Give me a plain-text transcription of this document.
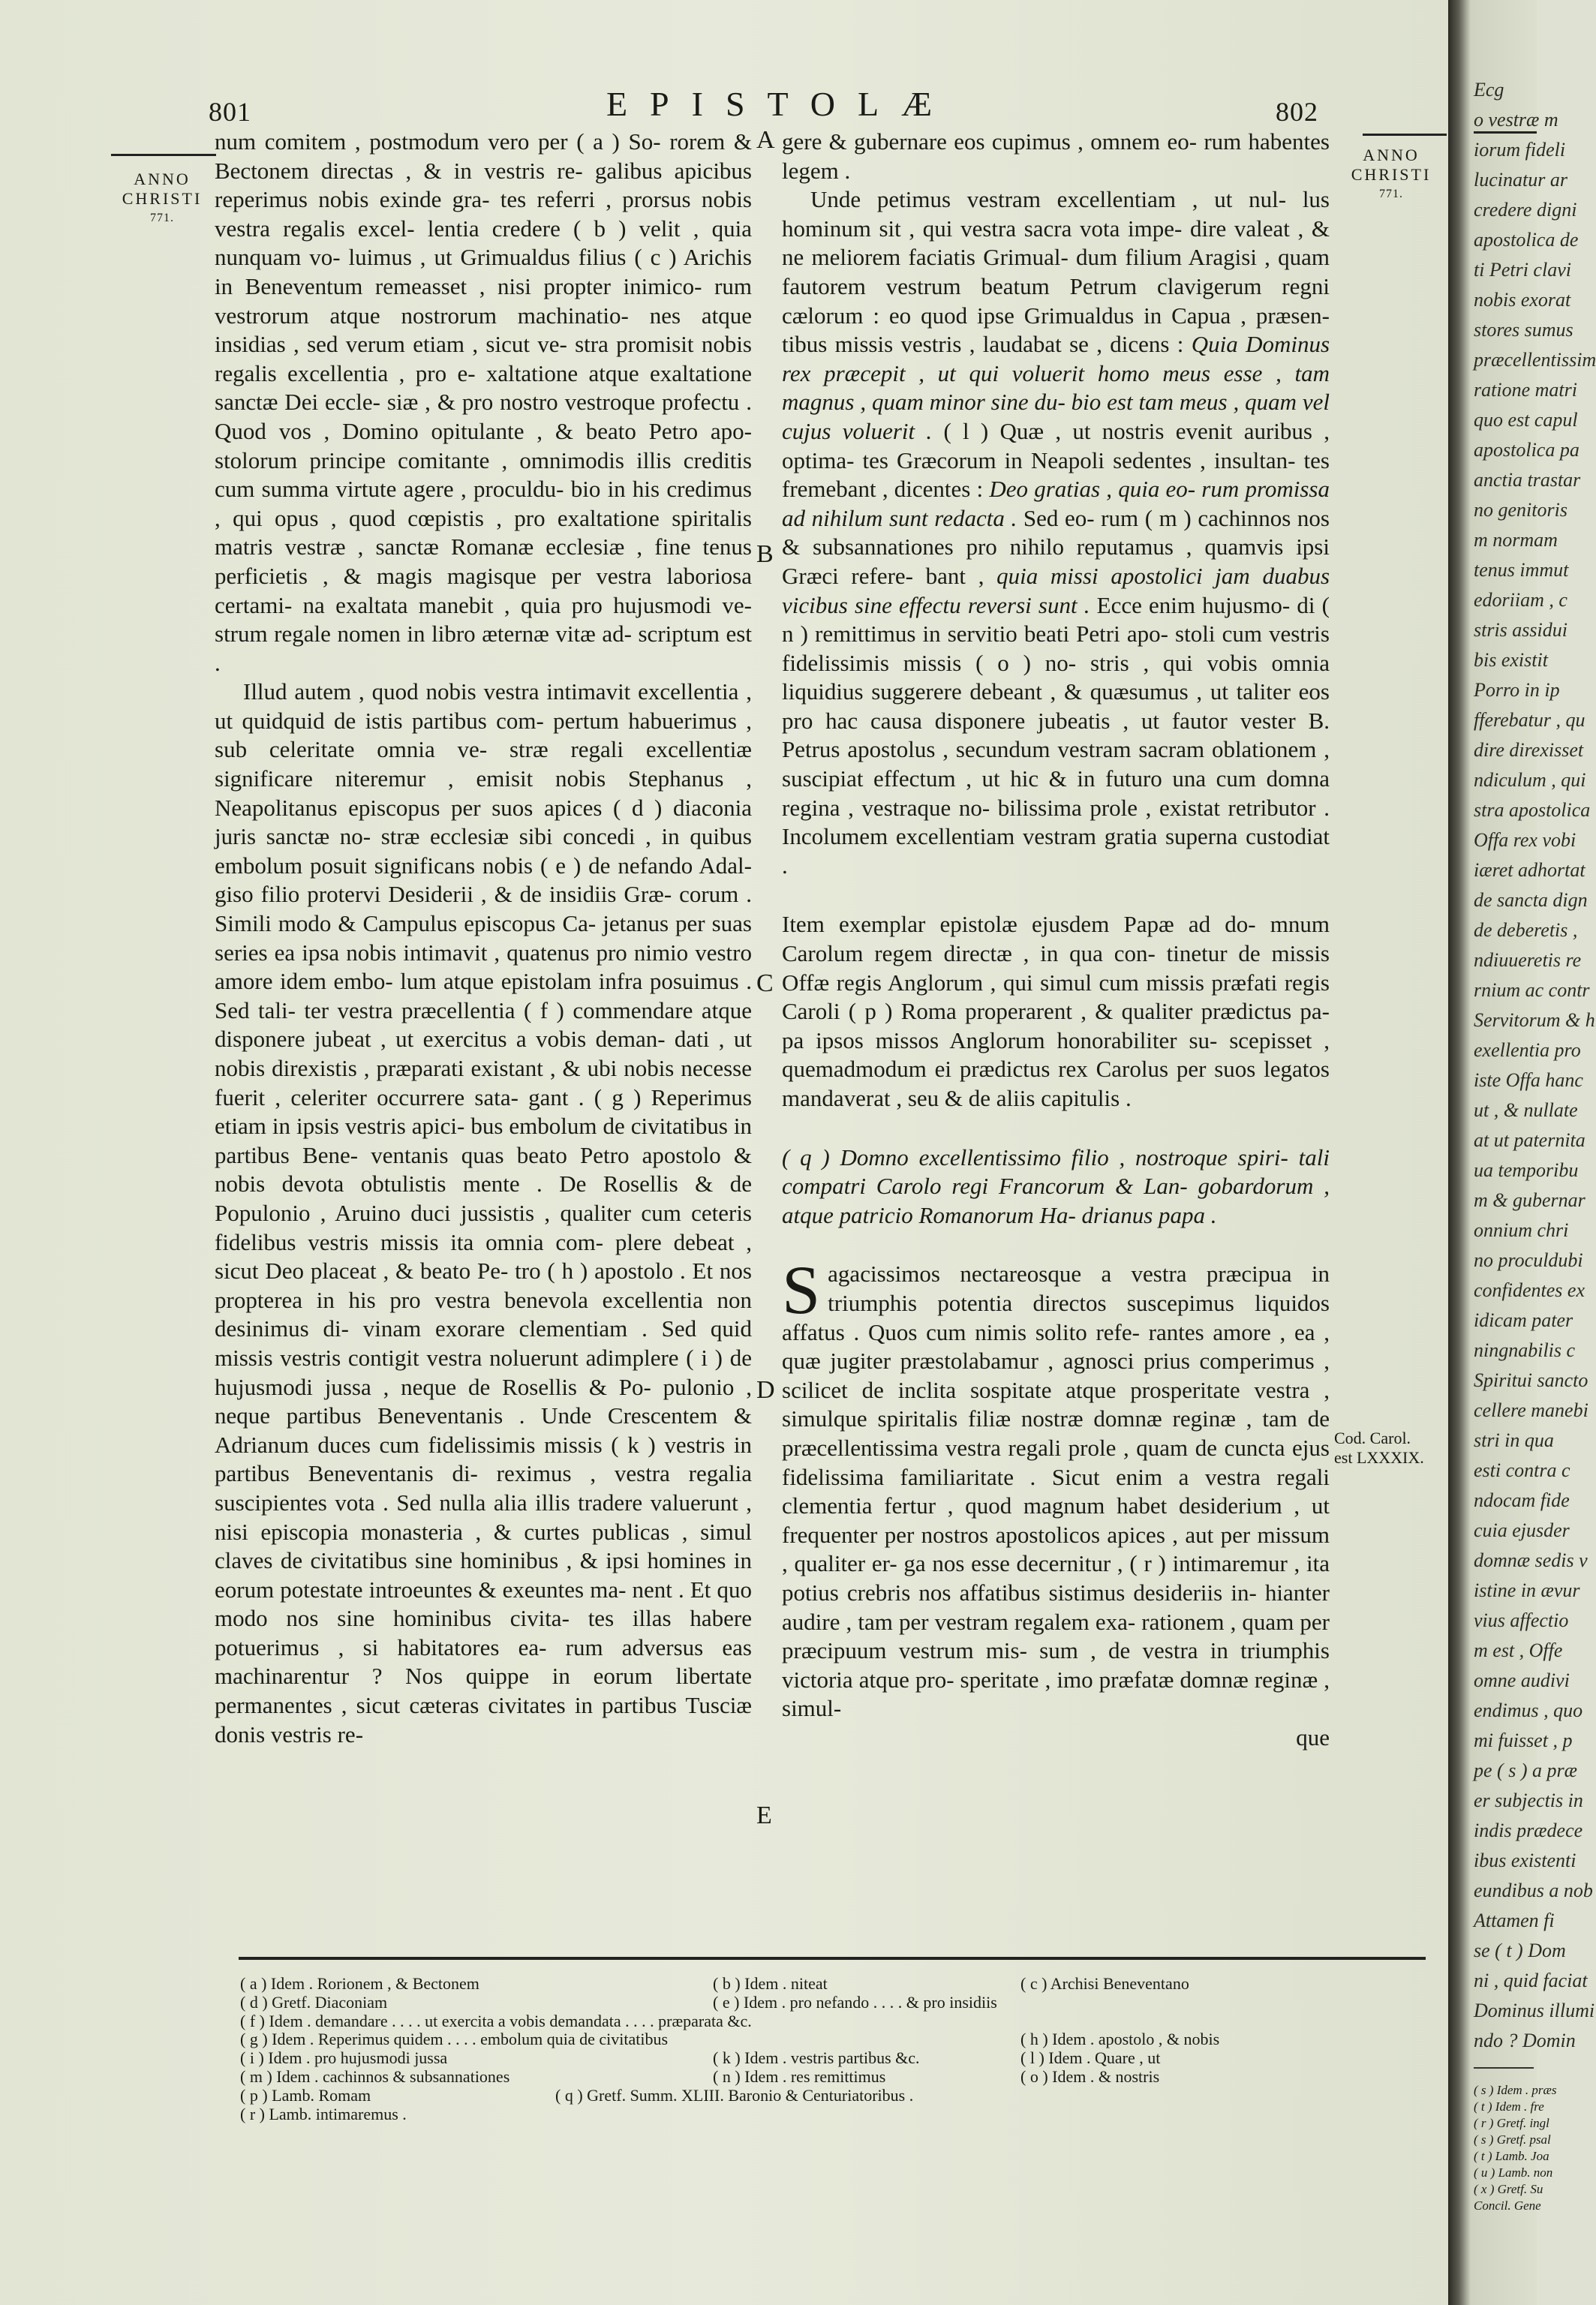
801	EPISTOLÆ	802
ANNO
CHRISTI
771.
ANNO
CHRISTI
771.
A
B
C
D
E

num comitem , postmodum vero per ( a ) So- rorem & Bectonem directas , & in vestris re- galibus apicibus reperimus nobis exinde gra- tes referri , prorsus nobis vestra regalis excel- lentia credere ( b ) velit , quia nunquam vo- luimus , ut Grimualdus filius ( c ) Arichis in Beneventum remeasset , nisi propter inimico- rum vestrorum atque nostrorum machinatio- nes atque insidias , sed verum etiam , sicut ve- stra promisit nobis regalis excellentia , pro e- xaltatione atque exaltatione sanctæ Dei eccle- siæ , & pro nostro vestroque profectu . Quod vos , Domino opitulante , & beato Petro apo- stolorum principe comitante , omnimodis illis creditis cum summa virtute agere , proculdu- bio in his credimus , qui opus , quod cœpistis , pro exaltatione spiritalis matris vestræ , sanctæ Romanæ ecclesiæ , fine tenus perficietis , & magis magisque per vestra laboriosa certami- na exaltata manebit , quia pro hujusmodi ve- strum regale nomen in libro æternæ vitæ ad- scriptum est .

Illud autem , quod nobis vestra intimavit excellentia , ut quidquid de istis partibus com- pertum habuerimus , sub celeritate omnia ve- stræ regali excellentiæ significare niteremur , emisit nobis Stephanus , Neapolitanus episcopus per suos apices ( d ) diaconia juris sanctæ no- stræ ecclesiæ sibi concedi , in quibus embolum posuit significans nobis ( e ) de nefando Adal- giso filio protervi Desiderii , & de insidiis Græ- corum . Simili modo & Campulus episcopus Ca- jetanus per suas series ea ipsa nobis intimavit , quatenus pro nimio vestro amore idem embo- lum atque epistolam infra posuimus . Sed tali- ter vestra præcellentia ( f ) commendare atque disponere jubeat , ut exercitus a vobis deman- dati , ut nobis direxistis , præparati existant , & ubi nobis necesse fuerit , celeriter occurrere sata- gant . ( g ) Reperimus etiam in ipsis vestris apici- bus embolum de civitatibus in partibus Bene- ventanis quas beato Petro apostolo & nobis devota obtulistis mente . De Rosellis & de Populonio , Aruino duci jussistis , qualiter cum ceteris fidelibus vestris missis ita omnia com- plere debeat , sicut Deo placeat , & beato Pe- tro ( h ) apostolo . Et nos propterea in his pro vestra benevola excellentia non desinimus di- vinam exorare clementiam . Sed quid missis vestris contigit vestra noluerunt adimplere ( i ) de hujusmodi jussa , neque de Rosellis & Po- pulonio , neque partibus Beneventanis . Unde Crescentem & Adrianum duces cum fidelissimis missis ( k ) vestris in partibus Beneventanis di- reximus , vestra regalia suscipientes vota . Sed nulla alia illis tradere valuerunt , nisi episcopia monasteria , & curtes publicas , simul claves de civitatibus sine hominibus , & ipsi homines in eorum potestate introeuntes & exeuntes ma- nent . Et quo modo nos sine hominibus civita- tes illas habere potuerimus , si habitatores ea- rum adversus eas machinarentur ? Nos quippe in eorum libertate permanentes , sicut cæteras civitates in partibus Tusciæ donis vestris re-

gere & gubernare eos cupimus , omnem eo- rum habentes legem .

Unde petimus vestram excellentiam , ut nul- lus hominum sit , qui vestra sacra vota impe- dire valeat , & ne meliorem faciatis Grimual- dum filium Aragisi , quam fautorem vestrum beatum Petrum clavigerum regni cælorum : eo quod ipse Grimualdus in Capua , præsen- tibus missis vestris , laudabat se , dicens : Quia Dominus rex præcepit , ut qui voluerit homo meus esse , tam magnus , quam minor sine du- bio est tam meus , quam vel cujus voluerit . ( l ) Quæ , ut nostris evenit auribus , optima- tes Græcorum in Neapoli sedentes , insultan- tes fremebant , dicentes : Deo gratias , quia eo- rum promissa ad nihilum sunt redacta . Sed eo- rum ( m ) cachinnos nos & subsannationes pro nihilo reputamus , quamvis ipsi Græci refere- bant , quia missi apostolici jam duabus vicibus sine effectu reversi sunt . Ecce enim hujusmo- di ( n ) remittimus in servitio beati Petri apo- stoli cum vestris fidelissimis missis ( o ) no- stris , qui vobis omnia liquidius suggerere debeant , & quæsumus , ut taliter eos pro hac causa disponere jubeatis , ut fautor vester B. Petrus apostolus , secundum vestram sacram oblationem , suscipiat effectum , ut hic & in futuro una cum domna regina , vestraque no- bilissima prole , existat retributor . Incolumem excellentiam vestram gratia superna custodiat .

Item exemplar epistolæ ejusdem Papæ ad do- mnum Carolum regem directæ , in qua con- tinetur de missis Offæ regis Anglorum , qui simul cum missis præfati regis Caroli ( p ) Roma properarent , & qualiter prædictus pa- pa ipsos missos Anglorum honorabiliter su- scepisset , quemadmodum ei prædictus rex Carolus per suos legatos mandaverat , seu & de aliis capitulis .

( q ) Domno excellentissimo filio , nostroque spiri- tali compatri Carolo regi Francorum & Lan- gobardorum , atque patricio Romanorum Ha- drianus papa .

S agacissimos nectareosque a vestra præcipua in triumphis potentia directos suscepimus liquidos affatus . Quos cum nimis solito refe- rantes amore , ea , quæ jugiter præstolabamur , agnosci prius comperimus , scilicet de inclita sospitate atque prosperitate vestra , simulque spiritalis filiæ nostræ domnæ reginæ , tam de præcellentissima vestra regali prole , quam de cuncta ejus fidelissima familiaritate . Sicut enim a vestra regali clementia fertur , quod magnum habet desiderium , ut frequenter per nostros apostolicos apices , aut per missum , qualiter er- ga nos esse decernitur , ( r ) intimaremur , ita potius crebris nos affatibus sistimus desideriis in- hianter audire , tam per vestram regalem exa- rationem , quam per præcipuum vestrum mis- sum , de vestra in triumphis victoria atque pro- speritate , imo præfatæ domnæ reginæ , simul-

que

Cod. Carol.
est LXXXIX.
( a ) Idem . Rorionem , & Bectonem	( b ) Idem . niteat	( c ) Archisi Beneventano
( d ) Gretf. Diaconiam	( e ) Idem . pro nefando . . . . & pro insidiis
( f ) Idem . demandare . . . . ut exercita a vobis demandata . . . . præparata &c.
( g ) Idem . Reperimus quidem . . . . embolum quia de civitatibus	( h ) Idem . apostolo , & nobis
( i ) Idem . pro hujusmodi jussa	( k ) Idem . vestris partibus &c.	( l ) Idem . Quare , ut
( m ) Idem . cachinnos & subsannationes	( n ) Idem . res remittimus	( o ) Idem . & nostris
( p ) Lamb. Romam	( q ) Gretf. Summ. XLIII. Baronio & Centuriatoribus .
( r ) Lamb. intimaremus .
Ecg
o vestræ m
iorum fideli
lucinatur ar
credere digni
apostolica de
ti Petri clavi
nobis exorat
stores sumus
præcellentissim
ratione matri
quo est capul
apostolica pa
anctia trastar
no genitoris
m normam
tenus immut
edoriiam , c
stris assidui
bis existit
Porro in ip
fferebatur , qu
dire direxisset
ndiculum , qui
stra apostolica
Offa rex vobi
iæret adhortat
de sancta dign
de deberetis ,
ndiuueretis re
rnium ac contr
Servitorum & h
exellentia pro
iste Offa hanc
ut , & nullate
at ut paternita
ua temporibu
m & gubernar
onnium chri
no proculdubi
confidentes ex
idicam pater
ningnabilis c
Spiritui sancto
cellere manebi
stri in qua
esti contra c
ndocam fide
cuia ejusder
domnæ sedis v
istine in ævur
vius affectio
m est , Offe
omne audivi
endimus , quo
mi fuisset , p
pe ( s ) a præ
er subjectis in
indis prædece
ibus existenti
eundibus a nob
Attamen fi
se ( t ) Dom
ni , quid faciat
Dominus illumi
ndo ? Domin
( s ) Idem . præs
( t ) Idem . fre
( r ) Gretf. ingl
( s ) Gretf. psal
( t ) Lamb. Joa
( u ) Lamb. non
( x ) Gretf. Su
Concil. Gene
